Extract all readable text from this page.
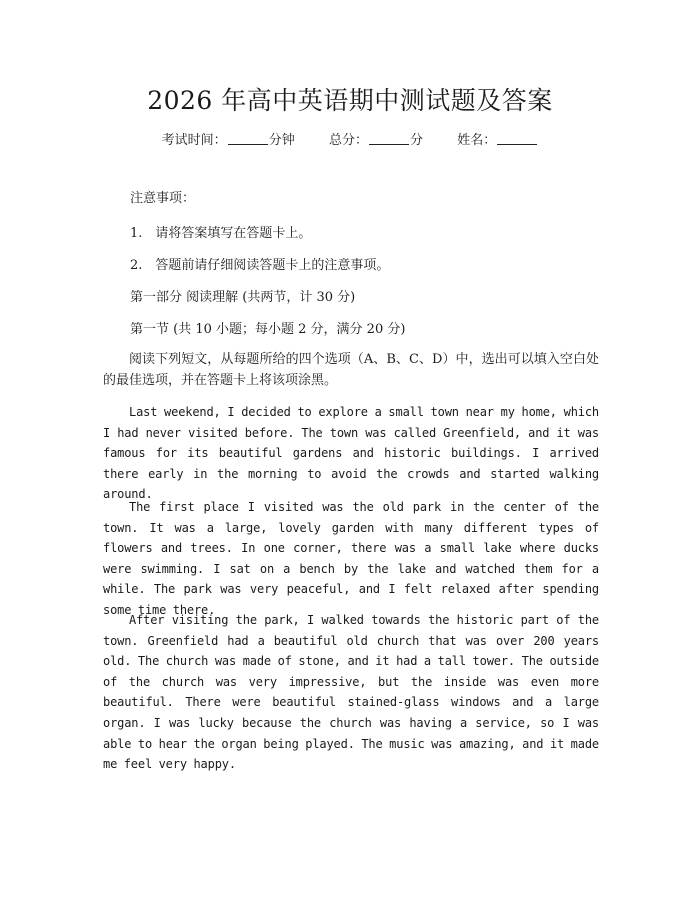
2026 年高中英语期中测试题及答案
考试时间：	分钟	总分：	分	姓名：
注意事项：
1. 请将答案填写在答题卡上。
2. 答题前请仔细阅读答题卡上的注意事项。
第一部分 阅读理解 (共两节，计 30 分)
第一节 (共 10 小题；每小题 2 分，满分 20 分)
阅读下列短文，从每题所给的四个选项（A、B、C、D）中，选出可以填入空白处的最佳选项，并在答题卡上将该项涂黑。
Last weekend, I decided to explore a small town near my home, which I had never visited before. The town was called Greenfield, and it was famous for its beautiful gardens and historic buildings. I arrived there early in the morning to avoid the crowds and started walking around.
The first place I visited was the old park in the center of the town. It was a large, lovely garden with many different types of flowers and trees. In one corner, there was a small lake where ducks were swimming. I sat on a bench by the lake and watched them for a while. The park was very peaceful, and I felt relaxed after spending some time there.
After visiting the park, I walked towards the historic part of the town. Greenfield had a beautiful old church that was over 200 years old. The church was made of stone, and it had a tall tower. The outside of the church was very impressive, but the inside was even more beautiful. There were beautiful stained-glass windows and a large organ. I was lucky because the church was having a service, so I was able to hear the organ being played. The music was amazing, and it made me feel very happy.
